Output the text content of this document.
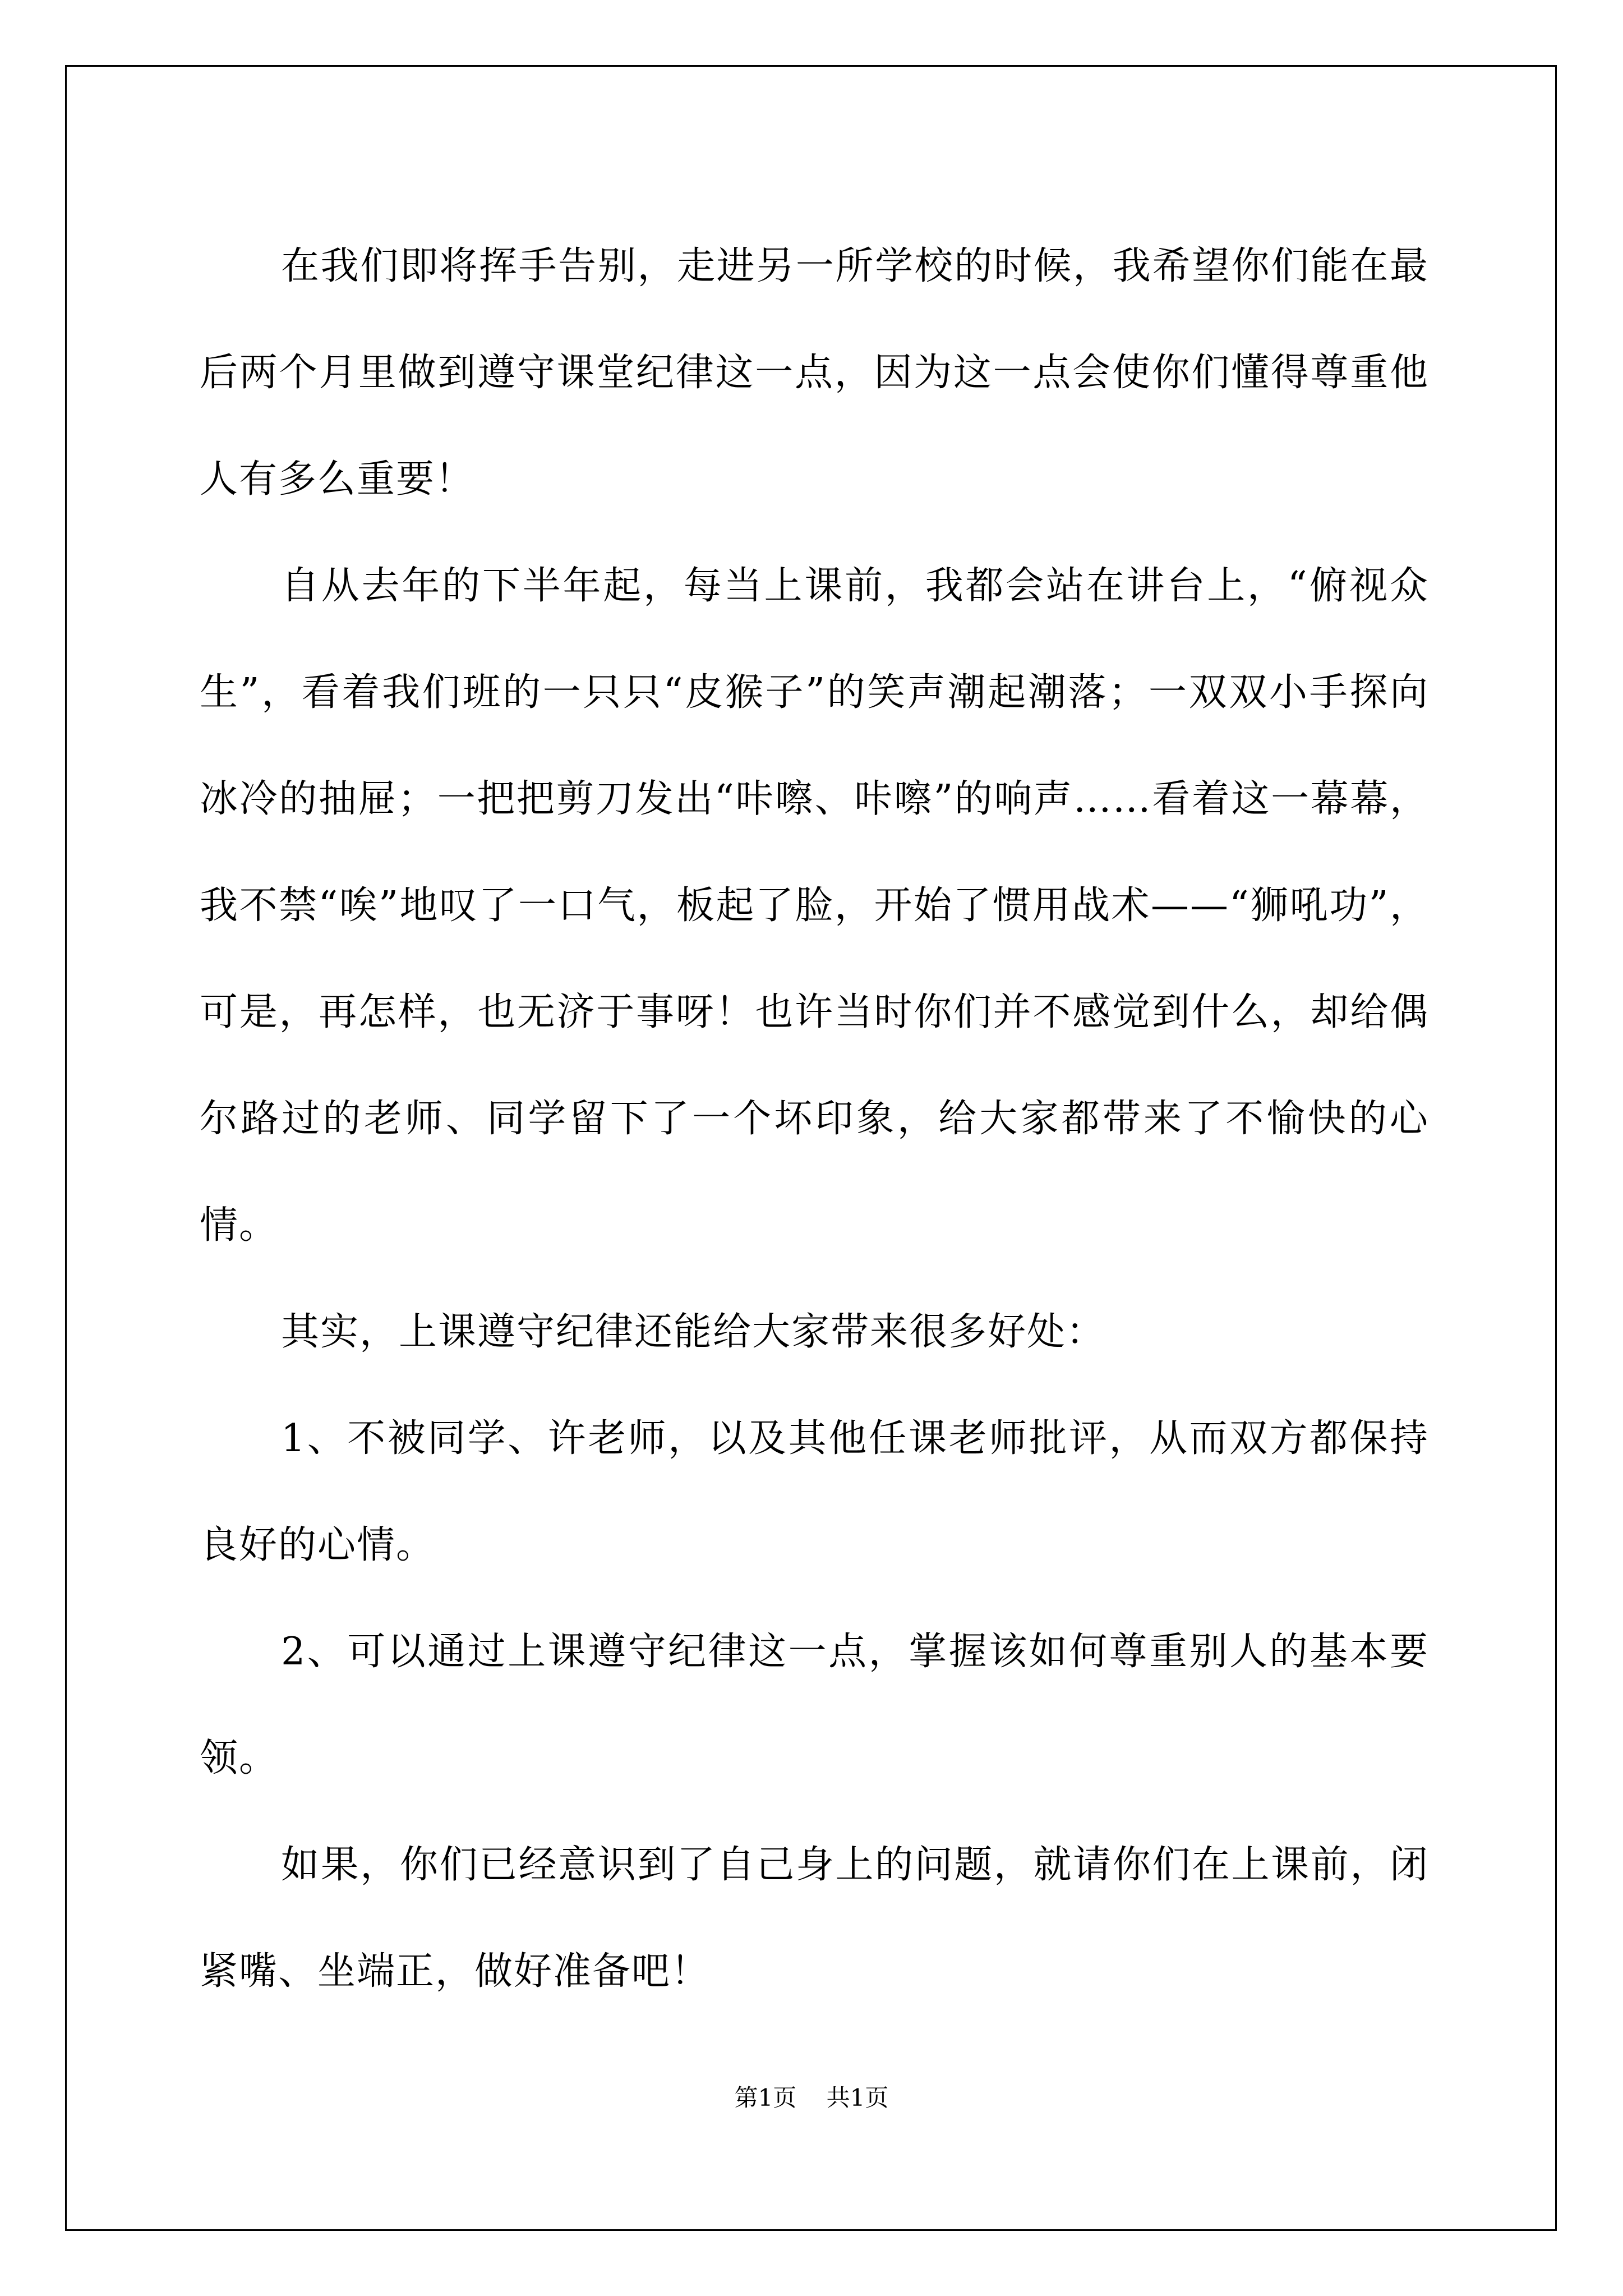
在我们即将挥手告别，走进另一所学校的时候，我希望你们能在最后两个月里做到遵守课堂纪律这一点，因为这一点会使你们懂得尊重他人有多么重要！

自从去年的下半年起，每当上课前，我都会站在讲台上，“俯视众生”，看着我们班的一只只“皮猴子”的笑声潮起潮落；一双双小手探向冰冷的抽屉；一把把剪刀发出“咔嚓、咔嚓”的响声……看着这一幕幕，我不禁“唉”地叹了一口气，板起了脸，开始了惯用战术——“狮吼功”，可是，再怎样，也无济于事呀！也许当时你们并不感觉到什么，却给偶尔路过的老师、同学留下了一个坏印象，给大家都带来了不愉快的心情。

其实，上课遵守纪律还能给大家带来很多好处：

1、不被同学、许老师，以及其他任课老师批评，从而双方都保持良好的心情。

2、可以通过上课遵守纪律这一点，掌握该如何尊重别人的基本要领。

如果，你们已经意识到了自己身上的问题，就请你们在上课前，闭紧嘴、坐端正，做好准备吧！

第1页 共1页
